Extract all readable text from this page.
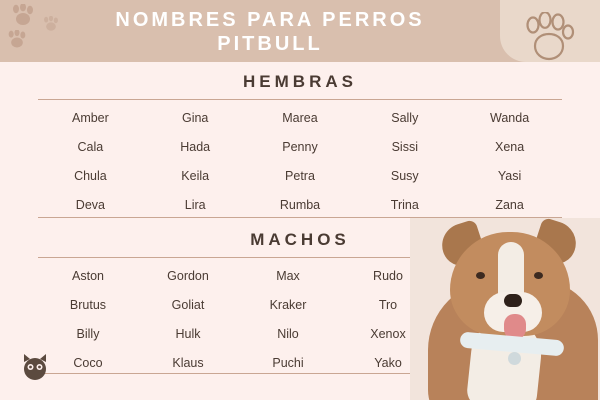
NOMBRES PARA PERROS PITBULL
HEMBRAS
Amber	Gina	Marea	Sally	Wanda
Cala	Hada	Penny	Sissi	Xena
Chula	Keila	Petra	Susy	Yasi
Deva	Lira	Rumba	Trina	Zana
MACHOS
Aston	Gordon	Max	Rudo
Brutus	Goliat	Kraker	Tro
Billy	Hulk	Nilo	Xenox
Coco	Klaus	Puchi	Yako
